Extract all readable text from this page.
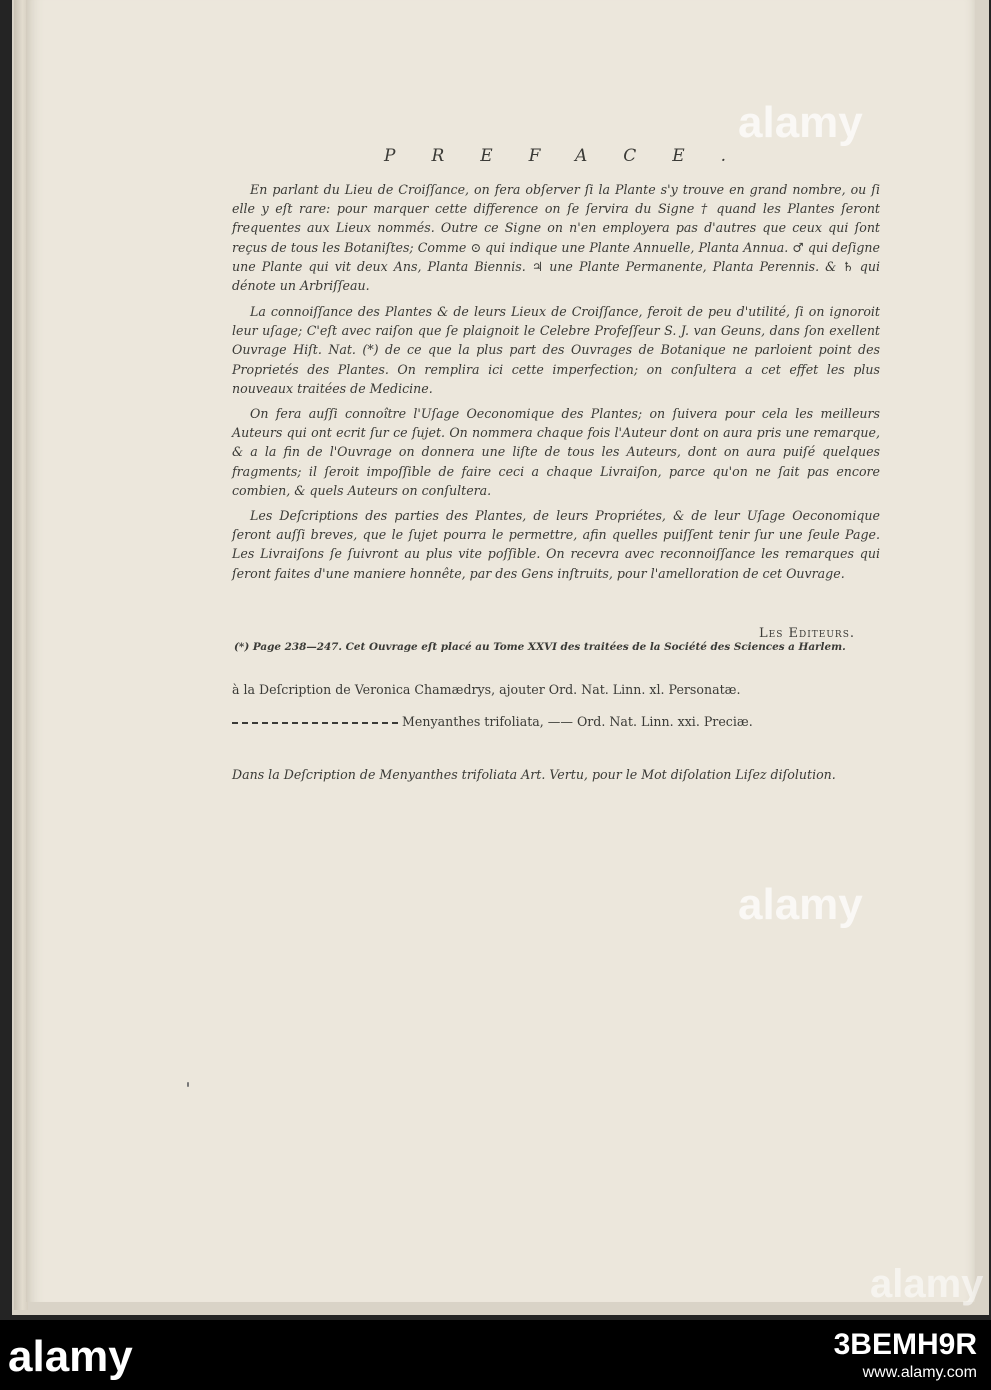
PREFACE.
En parlant du Lieu de Croiſſance, on fera obſerver ſi la Plante s'y trouve en grand nombre, ou ſi elle y eſt rare: pour marquer cette difference on ſe ſervira du Signe † quand les Plantes ſeront frequentes aux Lieux nommés. Outre ce Signe on n'en employera pas d'autres que ceux qui ſont reçus de tous les Botaniſtes; Comme ⊙ qui indique une Plante Annuelle, Planta Annua. ♂ qui deſigne une Plante qui vit deux Ans, Planta Biennis. ♃ une Plante Permanente, Planta Perennis. & ♄ qui dénote un Arbriſſeau.
La connoiſſance des Plantes & de leurs Lieux de Croiſſance, feroit de peu d'utilité, ſi on ignoroit leur uſage; C'eſt avec raiſon que ſe plaignoit le Celebre Profeſſeur S. J. van Geuns, dans ſon exellent Ouvrage Hiſt. Nat. (*) de ce que la plus part des Ouvrages de Botanique ne parloient point des Proprietés des Plantes. On remplira ici cette imperfection; on conſultera a cet effet les plus nouveaux traitées de Medicine.
On fera auſſi connoître l'Uſage Oeconomique des Plantes; on ſuivera pour cela les meilleurs Auteurs qui ont ecrit ſur ce ſujet. On nommera chaque fois l'Auteur dont on aura pris une remarque, & a la fin de l'Ouvrage on donnera une liſte de tous les Auteurs, dont on aura puiſé quelques fragments; il ſeroit impoſſible de faire ceci a chaque Livraiſon, parce qu'on ne ſait pas encore combien, & quels Auteurs on conſultera.
Les Deſcriptions des parties des Plantes, de leurs Propriétes, & de leur Uſage Oeconomique ſeront auſſi breves, que le ſujet pourra le permettre, afin quelles puiſſent tenir ſur une ſeule Page. Les Livraiſons ſe ſuivront au plus vite poſſible. On recevra avec reconnoiſſance les remarques qui ſeront faites d'une maniere honnête, par des Gens inſtruits, pour l'amelloration de cet Ouvrage.
Les Editeurs.
(*) Page 238—247. Cet Ouvrage eſt placé au Tome XXVI des traitées de la Société des Sciences a Harlem.
à la Deſcription de Veronica Chamædrys, ajouter Ord. Nat. Linn. xl. Personatæ.
Menyanthes trifoliata, —— Ord. Nat. Linn. xxi. Preciæ.
Dans la Deſcription de Menyanthes trifoliata Art. Vertu, pour le Mot diſolation Liſez diſolution.
alamy
alamy
alamy
alamy	3BEMH9R
www.alamy.com
